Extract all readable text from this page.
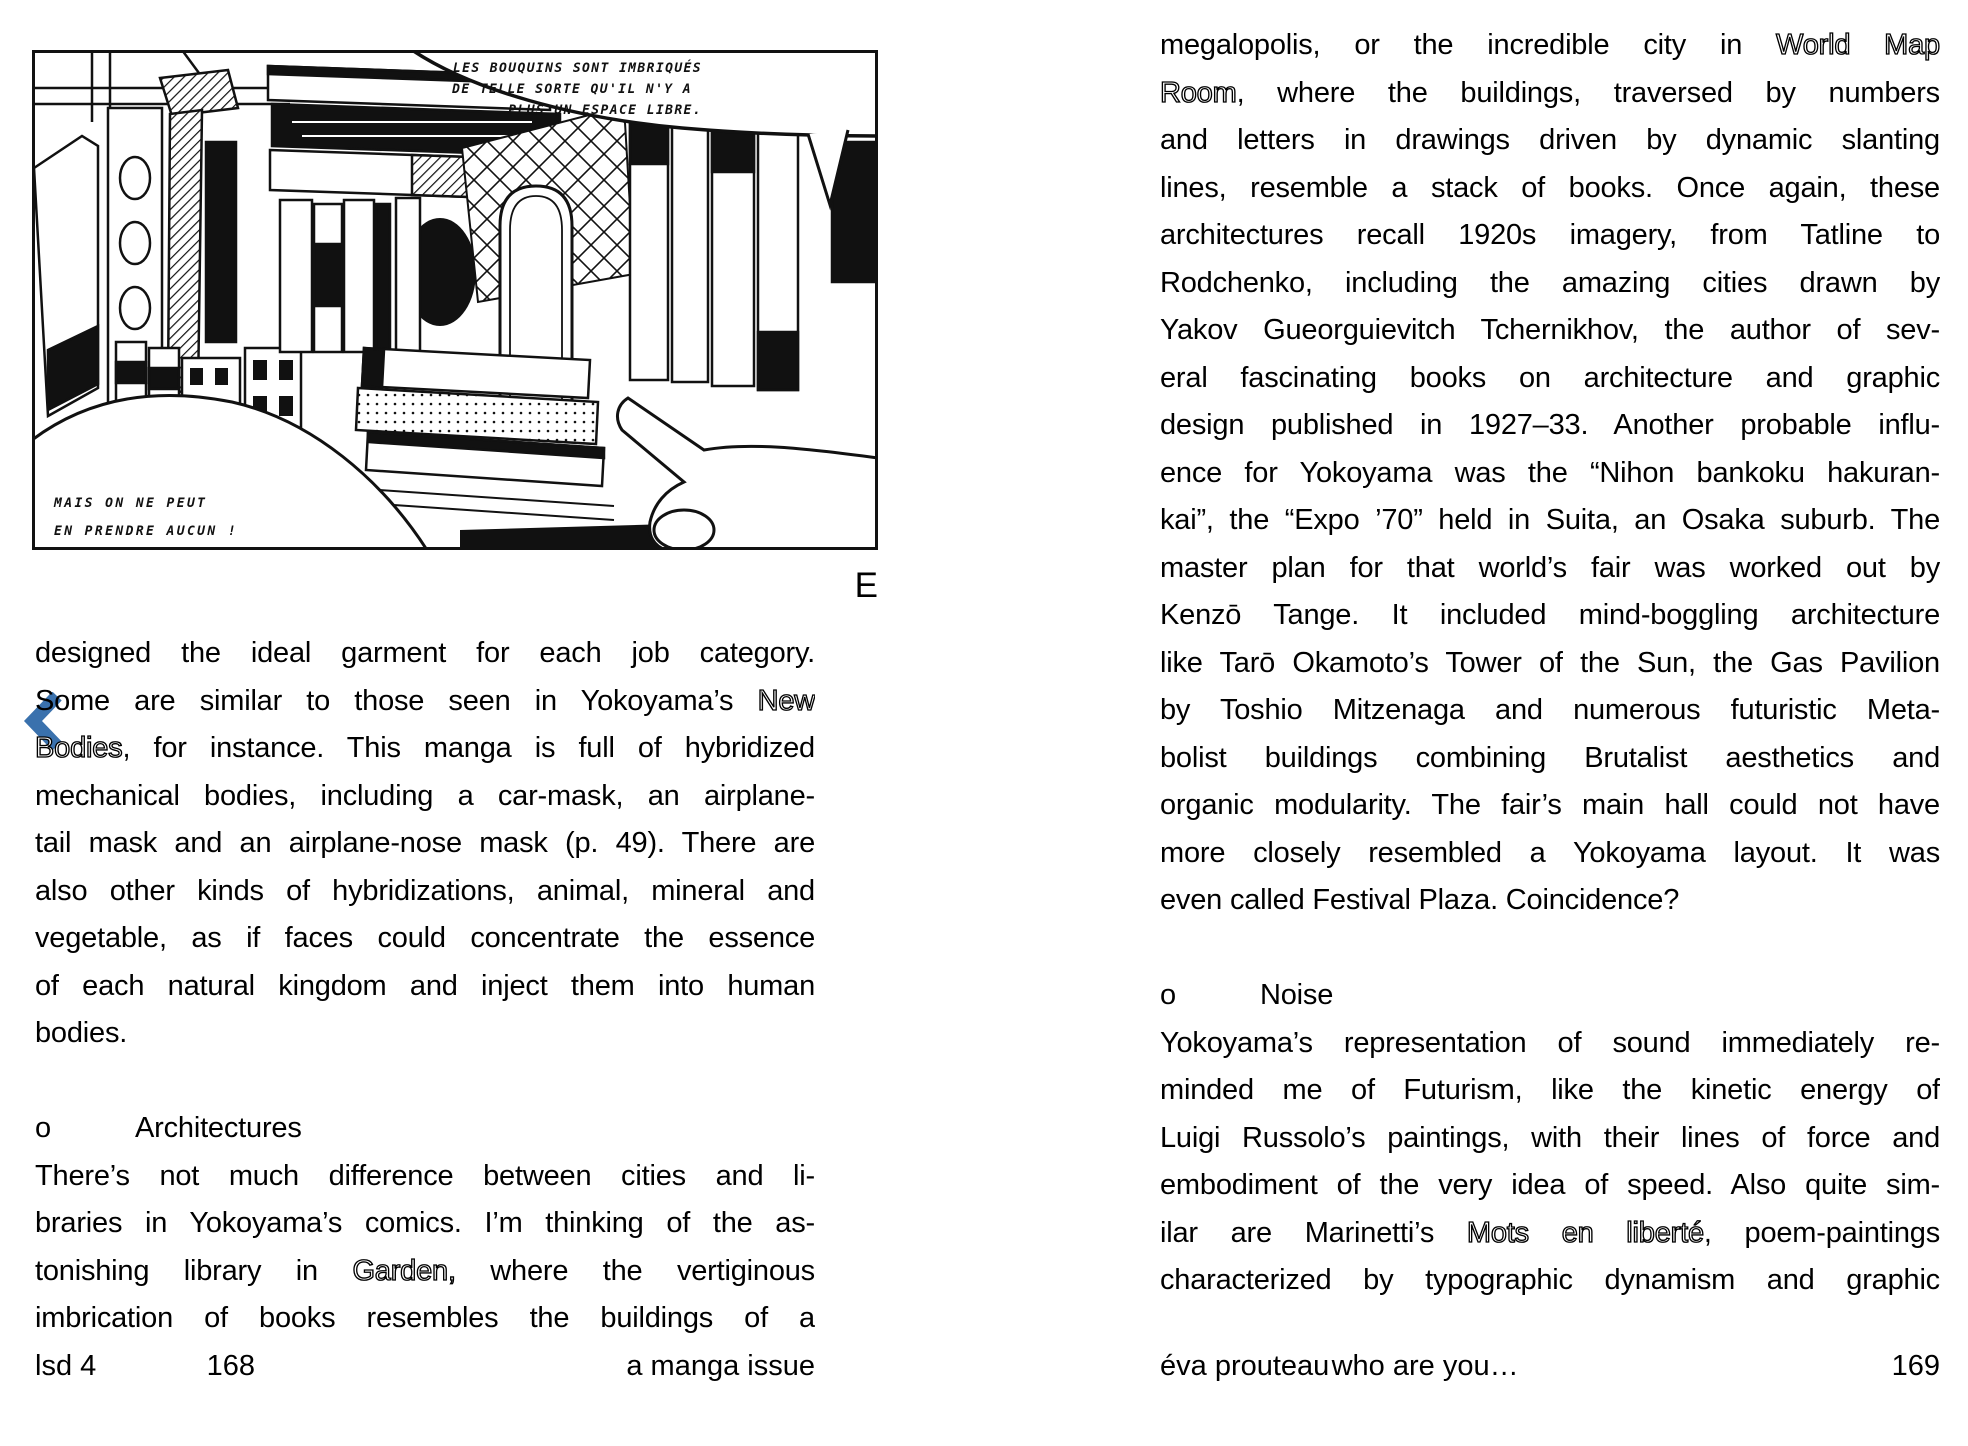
MAIS ON NE PEUT
EN PRENDRE AUCUN !
LES BOUQUINS SONT IMBRIQUÉS
DE TELLE SORTE QU'IL N'Y A
PLUS UN ESPACE LIBRE.
E
designed the ideal garment for each job category.
Some are similar to those seen in Yokoyama’s New
Bodies, for instance. This manga is full of hybridized
mechanical bodies, including a car-mask, an airplane-
tail mask and an airplane-nose mask (p. 49). There are
also other kinds of hybridizations, animal, mineral and
vegetable, as if faces could concentrate the essence
of each natural kingdom and inject them into human
bodies.
o	Architectures
There’s not much difference between cities and li-
braries in Yokoyama’s comics. I’m thinking of the as-
tonishing library in Garden, where the vertiginous
imbrication of books resembles the buildings of a
lsd 4	168	a manga issue
megalopolis, or the incredible city in World Map
Room, where the buildings, traversed by numbers
and letters in drawings driven by dynamic slanting
lines, resemble a stack of books. Once again, these
architectures recall 1920s imagery, from Tatline to
Rodchenko, including the amazing cities drawn by
Yakov Gueorguievitch Tchernikhov, the author of sev-
eral fascinating books on architecture and graphic
design published in 1927–33. Another probable influ-
ence for Yokoyama was the “Nihon bankoku hakuran-
kai”, the “Expo ’70” held in Suita, an Osaka suburb. The
master plan for that world’s fair was worked out by
Kenzō Tange. It included mind-boggling architecture
like Tarō Okamoto’s Tower of the Sun, the Gas Pavilion
by Toshio Mitzenaga and numerous futuristic Meta-
bolist buildings combining Brutalist aesthetics and
organic modularity. The fair’s main hall could not have
more closely resembled a Yokoyama layout. It was
even called Festival Plaza. Coincidence?
o	Noise
Yokoyama’s representation of sound immediately re-
minded me of Futurism, like the kinetic energy of
Luigi Russolo’s paintings, with their lines of force and
embodiment of the very idea of speed. Also quite sim-
ilar are Marinetti’s Mots en liberté, poem-paintings
characterized by typographic dynamism and graphic
éva prouteau who are you…	169
